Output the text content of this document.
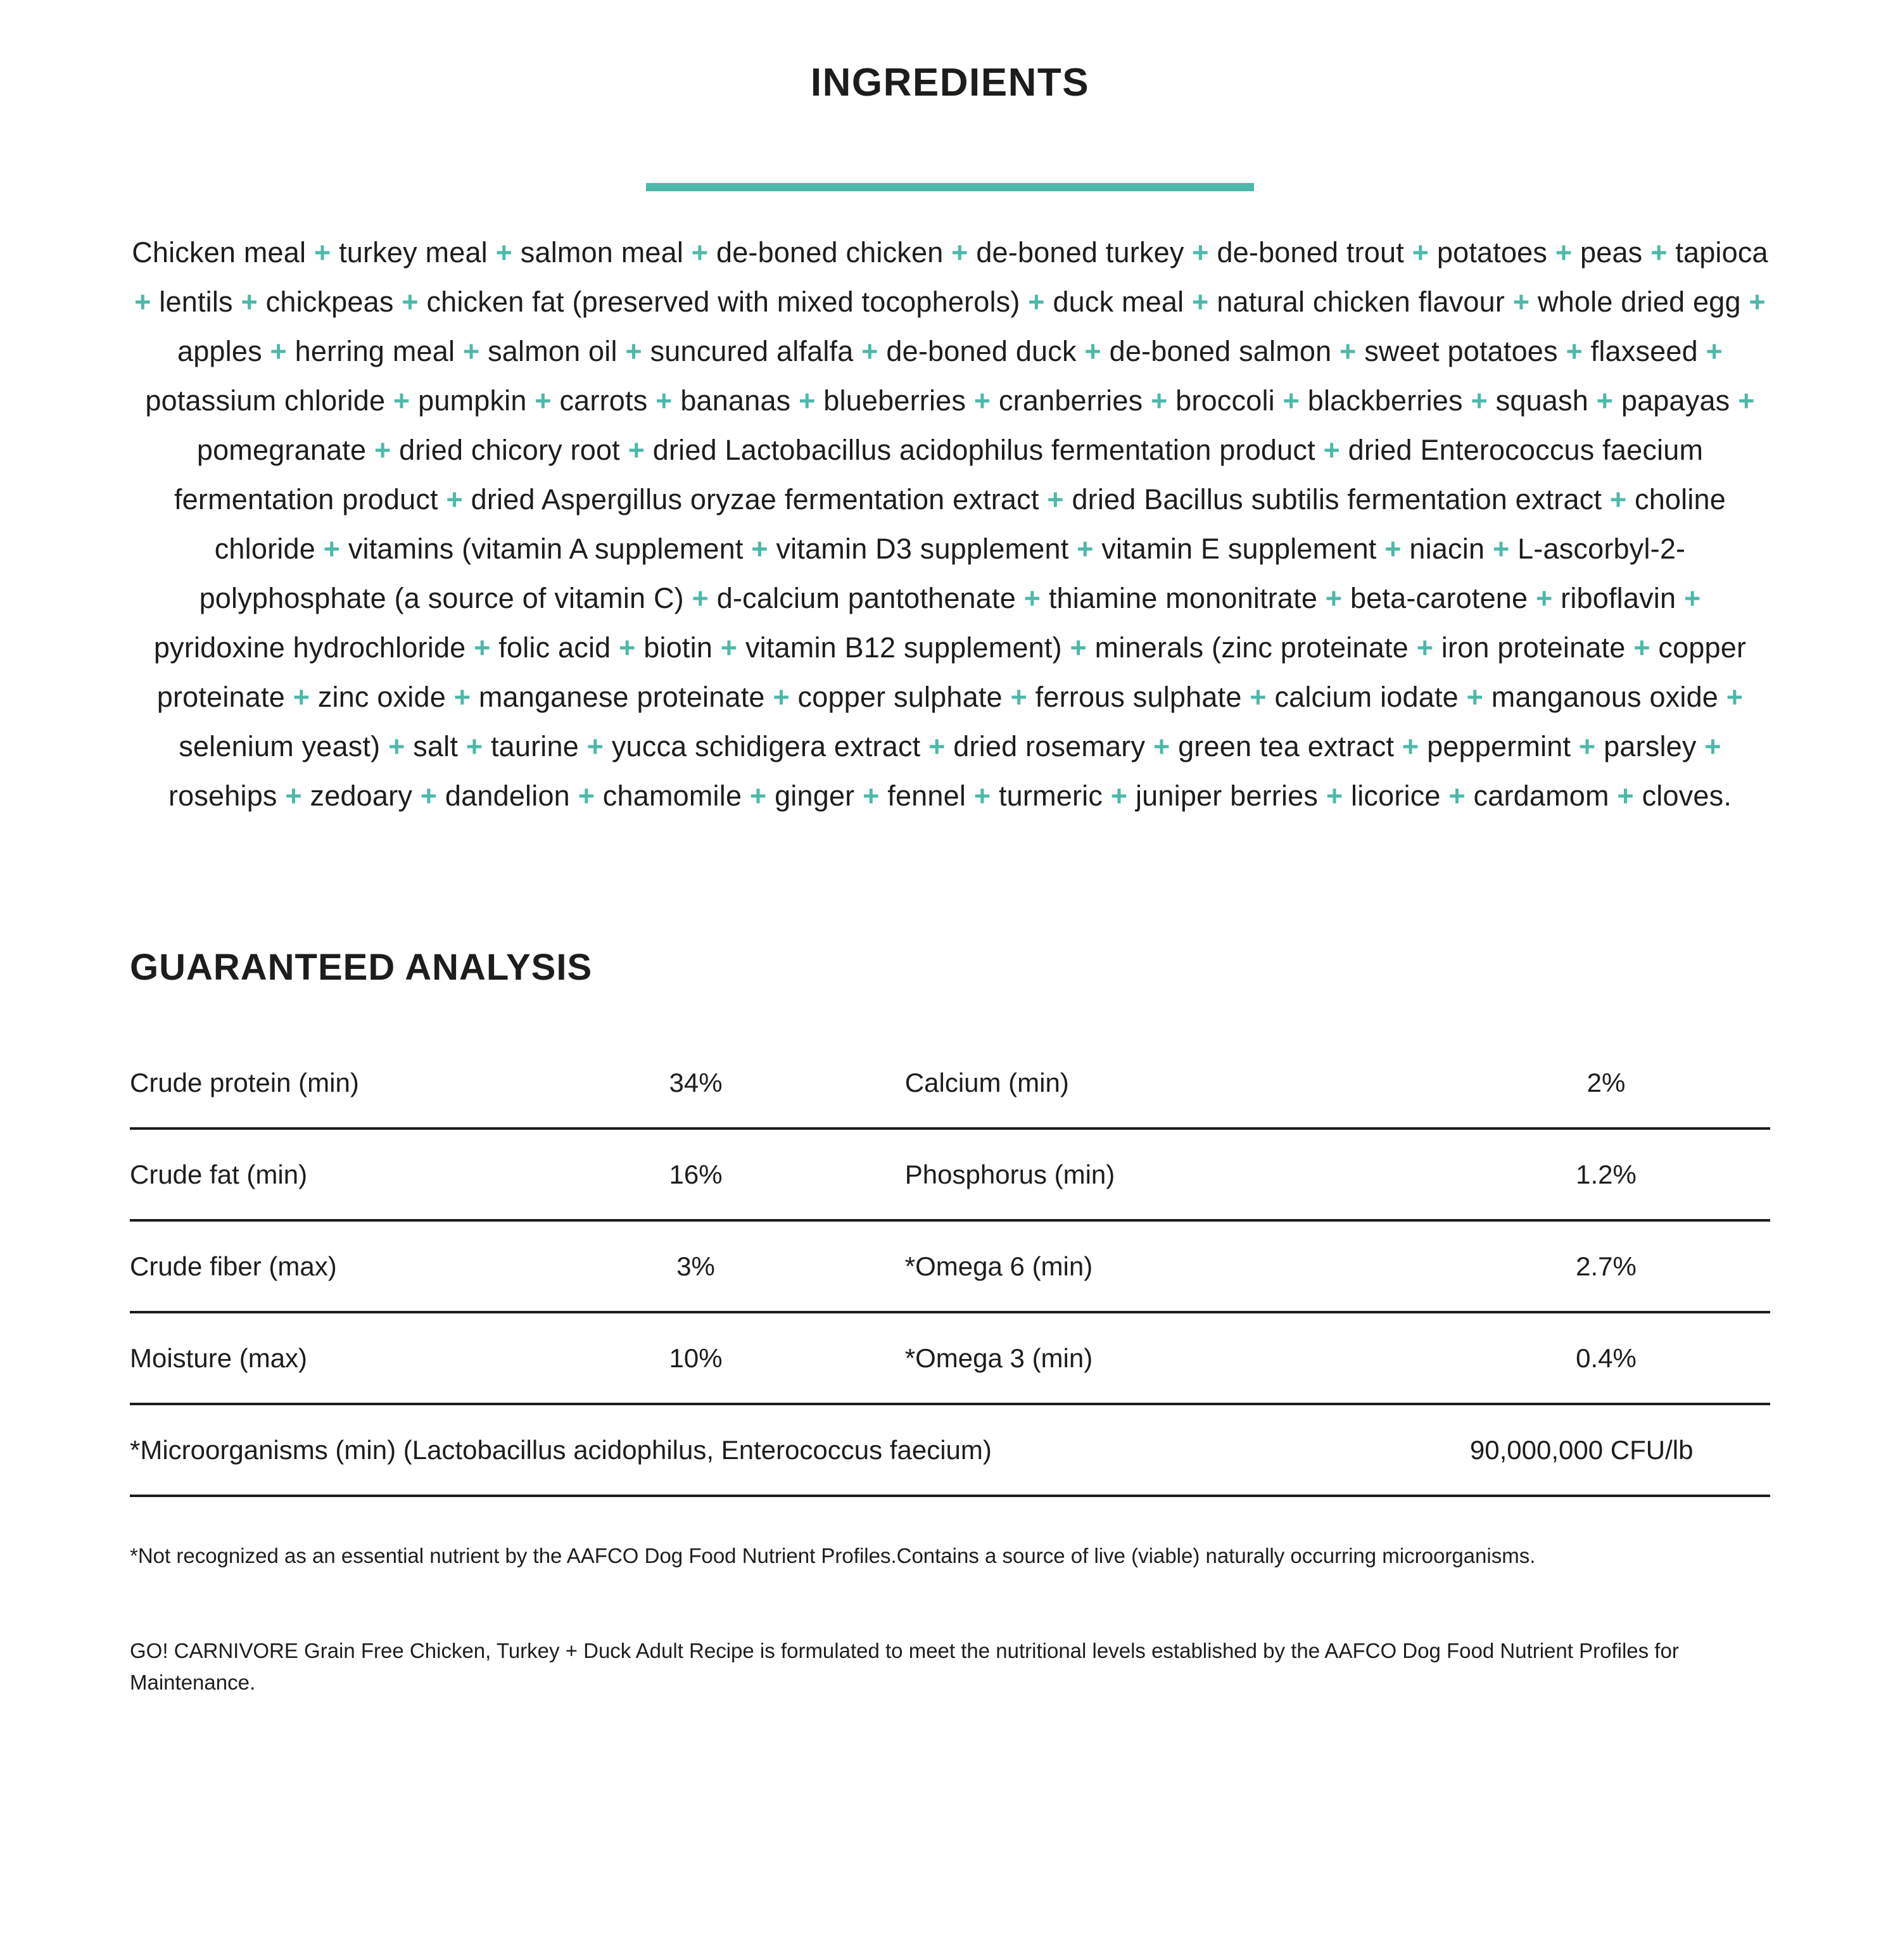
INGREDIENTS

Chicken meal + turkey meal + salmon meal + de-boned chicken + de-boned turkey + de-boned trout + potatoes + peas + tapioca + lentils + chickpeas + chicken fat (preserved with mixed tocopherols) + duck meal + natural chicken flavour + whole dried egg + apples + herring meal + salmon oil + suncured alfalfa + de-boned duck + de-boned salmon + sweet potatoes + flaxseed + potassium chloride + pumpkin + carrots + bananas + blueberries + cranberries + broccoli + blackberries + squash + papayas + pomegranate + dried chicory root + dried Lactobacillus acidophilus fermentation product + dried Enterococcus faecium fermentation product + dried Aspergillus oryzae fermentation extract + dried Bacillus subtilis fermentation extract + choline chloride + vitamins (vitamin A supplement + vitamin D3 supplement + vitamin E supplement + niacin + L-ascorbyl-2-polyphosphate (a source of vitamin C) + d-calcium pantothenate + thiamine mononitrate + beta-carotene + riboflavin + pyridoxine hydrochloride + folic acid + biotin + vitamin B12 supplement) + minerals (zinc proteinate + iron proteinate + copper proteinate + zinc oxide + manganese proteinate + copper sulphate + ferrous sulphate + calcium iodate + manganous oxide + selenium yeast) + salt + taurine + yucca schidigera extract + dried rosemary + green tea extract + peppermint + parsley + rosehips + zedoary + dandelion + chamomile + ginger + fennel + turmeric + juniper berries + licorice + cardamom + cloves.

GUARANTEED ANALYSIS
Crude protein (min)	34%	Calcium (min)	2%
Crude fat (min)	16%	Phosphorus (min)	1.2%
Crude fiber (max)	3%	*Omega 6 (min)	2.7%
Moisture (max)	10%	*Omega 3 (min)	0.4%
*Microorganisms (min) (Lactobacillus acidophilus, Enterococcus faecium)	90,000,000 CFU/lb

*Not recognized as an essential nutrient by the AAFCO Dog Food Nutrient Profiles.Contains a source of live (viable) naturally occurring microorganisms.

GO! CARNIVORE Grain Free Chicken, Turkey + Duck Adult Recipe is formulated to meet the nutritional levels established by the AAFCO Dog Food Nutrient Profiles for Maintenance.
